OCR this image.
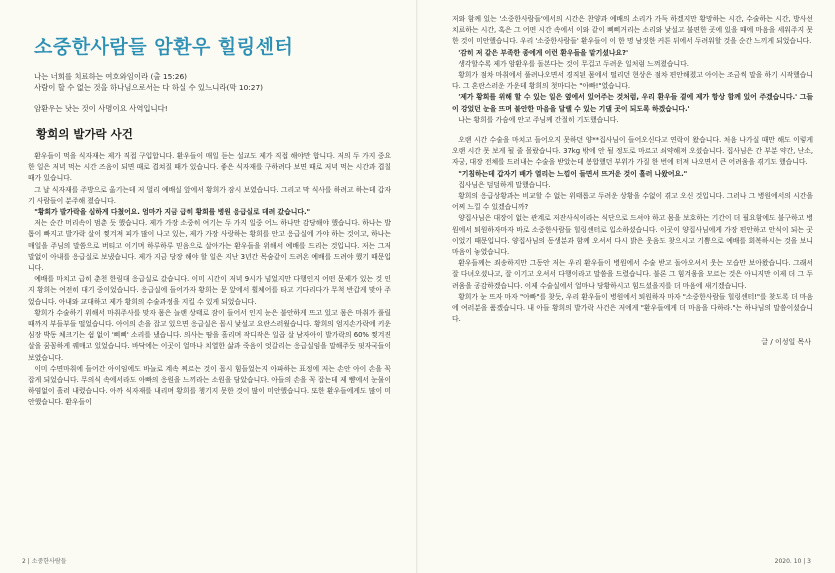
소중한사람들 암환우 힐링센터
나는 너희를 치료하는 여호와임이라 (출 15:26)
사람이 할 수 없는 것을 하나님으로서는 다 하실 수 있느니라(막 10:27)
암환우는 낫는 것이 사명이요 사역입니다!
황희의 발가락 사건

환우들이 먹을 식자재는 제가 직접 구입합니다. 환우들이 매일 듣는 설교도 제가 직접 해야만 합니다. 저의 두 가지 중요한 일은 저녁 먹는 시간 즈음이 되면 때로 겹쳐질 때가 있습니다. 좋은 식자재를 구하려다 보면 때로 저녁 먹는 시간과 겹칠 때가 있습니다.

그 날 식자재를 주방으로 옮기는데 저 멀리 예배실 앞에서 황희가 잠시 보였습니다. 그리고 막 식사를 하려고 하는데 갑자기 사람들이 분주해 졌습니다.

"황희가 발가락을 심하게 다쳤어요. 엄마가 지금 급히 황희를 병원 응급실로 데려 갔습니다."

저는 순간 머리속이 멈춘 듯 했습니다. 제가 가장 소중히 여기는 두 가지 일중 어느 하나만 감당해야 했습니다. 하나는 발톱이 빠지고 발가락 살이 찢겨져 피가 많이 나고 있는, 제가 가장 사랑하는 황희를 안고 응급실에 가야 하는 것이고, 하나는 매일을 주님의 말씀으로 버티고 이기며 하루하루 믿음으로 살아가는 환우들을 위해서 예배를 드리는 것입니다. 저는 그저 말없이 아내를 응급실로 보냈습니다. 제가 지금 당장 해야 할 일은 지난 3년간 목숨같이 드려온 예배를 드려야 했기 때문입니다.

예배를 마치고 급히 춘천 한림대 응급실로 갔습니다. 이미 시간이 저녁 9시가 넘었지만 다행인지 어떤 문제가 있는 것 인지 황희는 여전히 대기 중이었습니다. 응급실에 들어가자 황희는 문 앞에서 휠체어를 타고 기다리다가 무척 반갑게 맞아 주었습니다. 아내와 교대하고 제가 황희의 수술과정을 지킬 수 있게 되었습니다.

황희가 수술하기 위해서 마취주사를 맞자 몸은 늘랜 상태로 잠이 들어서 인지 눈은 불안하게 뜨고 있고 몸은 마취가 풀릴 때까지 부들부들 떨었습니다. 아이의 손을 잡고 있으면 응급실은 몹시 낯설고 요란스러웠습니다. 황희의 엄지손가락에 키운 심장 박동 체크기는 쉼 없이 '삐삐' 소리를 냈습니다. 의사는 땀을 흘리며 작디작은 일곱 살 남자아이 발가락의 60% 찢겨진 살을 꿈꼼하게 꿰매고 있었습니다. 바닥에는 이곳이 얼마나 치열한 삶과 죽음이 엇갈리는 응급실임을 말해주듯 핏자국들이 보였습니다.

이미 수면마취에 들어간 아이임에도 바늘로 계속 찌르는 것이 몹시 힘들었는지 아파하는 표정에 저는 손안 아이 손을 꼭 잡게 되었습니다. 무의식 속에서라도 아빠의 응원을 느끼라는 소원을 담았습니다. 아들의 손을 꼭 잡는데 제 뺨에서 눈물이 하염없이 흘러 내렸습니다. 아까 식자재를 내리며 황희를 챙기지 못한 것이 많이 미안했습니다. 또한 환우들에게도 많이 미안했습니다. 환우들이

2 | 소중한사람들

저와 함께 있는 '소중한사람들'에서의 시간은 찬양과 예배의 소리가 가득 하겠지만 황망하는 시간, 수술하는 시간, 방사선 치료하는 시간, 혹은 그 어떤 시간 속에서 이와 같이 삐삐거리는 소리와 낯설고 불편한 곳에 있을 때에 마음을 세워주지 못한 것이 미안했습니다. 우리 '소중한사람들' 환우들이 이 한 명 남짓한 커튼 뒤에서 두려워할 것을 순간 느끼게 되었습니다.

'감히 저 같은 부족한 종에게 이런 환우들을 맡기셨나요?'

생각할수록 제가 암환우를 돌본다는 것이 무겁고 두려운 일처럼 느껴졌습니다.

황희가 점차 마취에서 풀려나오면서 경직된 몸에서 떨리던 현상은 점차 편안해졌고 아이는 조금씩 말을 하기 시작했습니다. 그 혼란스러운 가운데 황희의 첫마디는 "아빠!"였습니다.

'제가 황희를 위해 할 수 있는 일은 옆에서 있어주는 것처럼, 우리 환우들 곁에 제가 항상 함께 있어 주겠습니다.' 그들이 강었던 눈을 뜨며 불안한 마음을 달랠 수 있는 기댈 곳이 되도록 하겠습니다.'

나는 황희를 가슴에 안고 주님께 간절히 기도했습니다.

오랜 시간 수술을 마치고 들어오지 못하던 양**집사님이 들어오신다고 연락이 왔습니다. 처음 나가실 때만 해도 이렇게 오랜 시간 못 보게 될 줄 몰랐습니다. 37kg 밖에 안 될 정도로 마르고 쇠약해져 오셨습니다. 집사님은 간 부분 약간, 난소, 자궁, 대장 전체를 드러내는 수술을 받았는데 봉합했던 부위가 가질 한 번에 터져 나오면서 큰 어려움을 겪기도 했습니다.

"기침하는데 갑자기 배가 열리는 느낌이 들면서 뜨거운 것이 흘러 나왔어요."

집사님은 덤덤하게 말했습니다.

황희의 응급상황과는 비교할 수 없는 위태롭고 두려운 상황을 수없이 겪고 오신 것입니다. 그러나 그 병원에서의 시간을 어찌 느낄 수 있겠습니까?

양집사님은 대장이 없는 관계로 저잔사식이라는 식단으로 드셔야 하고 몸을 보호하는 기간이 더 필요함에도 불구하고 병원에서 퇴원하자마자 바로 소중한사람들 힐링센터로 입소하셨습니다. 이곳이 양집사님에게 가장 편안하고 안식이 되는 곳이었기 때문입니다. 양집사님의 동생분과 함께 오셔서 다시 밝은 웃음도 찾으시고 기쁨으로 예배를 회복하시는 것을 보니 마음이 놓였습니다.

환우들께는 죄송하지만 그동안 저는 우리 환우들이 병원에서 수술 받고 돌아오셔서 웃는 모습만 보아왔습니다. 그래서 잘 다녀오셨나고, 잘 이기고 오셔서 다행이라고 말씀을 드렸습니다. 불론 그 힘겨움을 모르는 것은 아니지만 이제 더 그 두려움을 공감하겠습니다. 이제 수술실에서 얼마나 당황하시고 힘드셨을지를 더 마음에 새기겠습니다.

황희가 눈 뜨자 마자 "아빠"를 찾듯, 우리 환우들이 병원에서 퇴원하자 마자 "소중한사람들 힐링센터!"를 찾도록 더 마음에 여러분을 품겠습니다. 내 아들 황희의 발가락 사건은 저에게 "환우들에게 더 마음을 다하라."는 하나님의 말씀이셨습니다.

글 / 이성일 목사
2020. 10 | 3
